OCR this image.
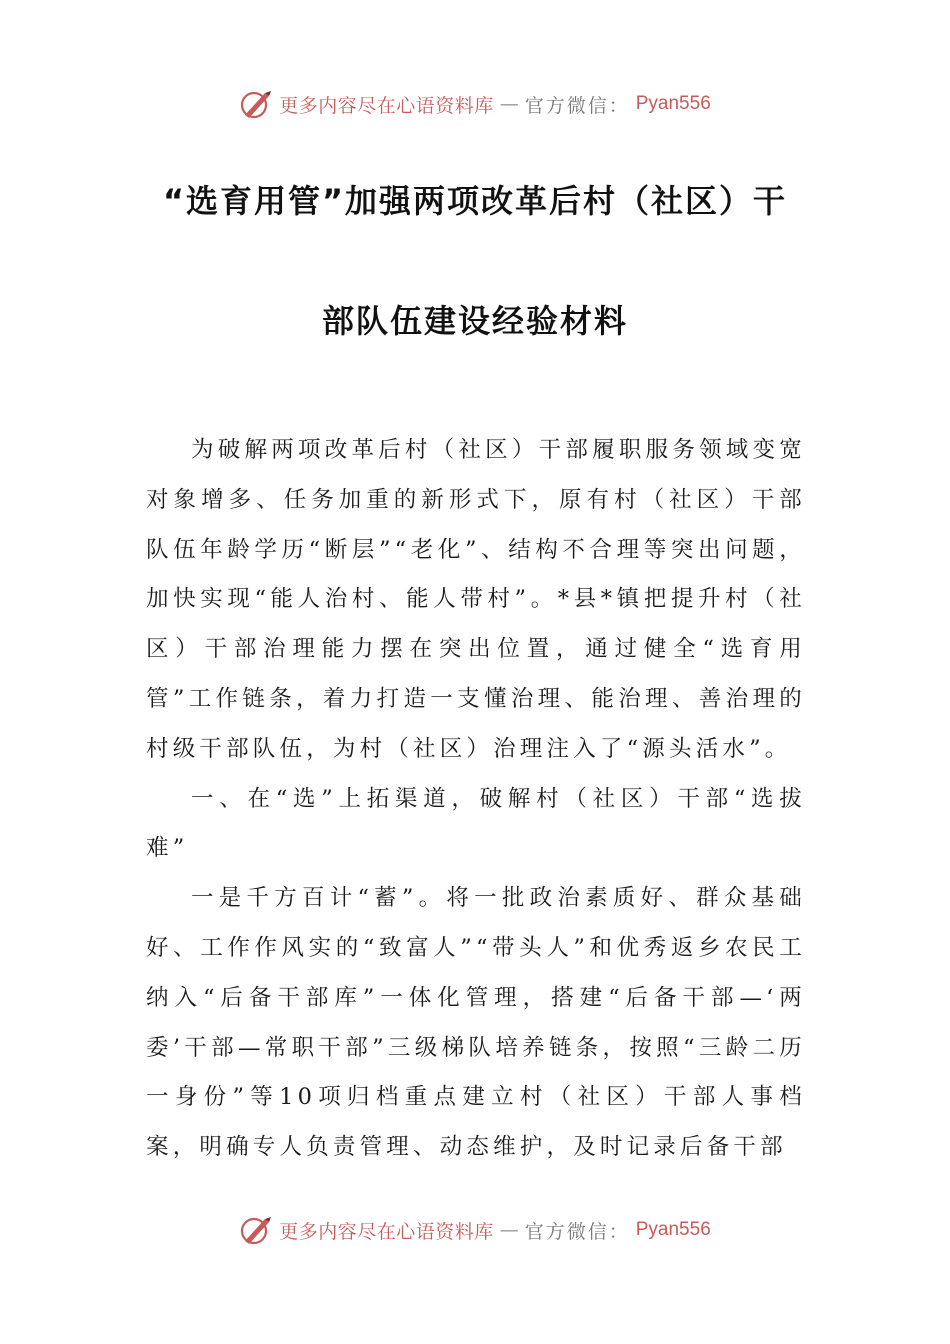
更多内容尽在心语资料库 — 官方微信： Pyan556
“选育用管”加强两项改革后村（社区）干
部队伍建设经验材料

为破解两项改革后村（社区）干部履职服务领域变宽对象增多、任务加重的新形式下，原有村（社区）干部队伍年龄学历“断层”“老化”、结构不合理等突出问题，加快实现“能人治村、能人带村”。*县*镇把提升村（社区）干部治理能力摆在突出位置，通过健全“选育用管”工作链条，着力打造一支懂治理、能治理、善治理的村级干部队伍，为村（社区）治理注入了“源头活水”。

一、在“选”上拓渠道，破解村（社区）干部“选拔难”

一是千方百计“蓄”。将一批政治素质好、群众基础好、工作作风实的“致富人”“带头人”和优秀返乡农民工纳入“后备干部库”一体化管理，搭建“后备干部—‘两委’干部—常职干部”三级梯队培养链条，按照“三龄二历一身份”等10项归档重点建立村（社区）干部人事档案，明确专人负责管理、动态维护，及时记录后备干部

更多内容尽在心语资料库 — 官方微信： Pyan556
